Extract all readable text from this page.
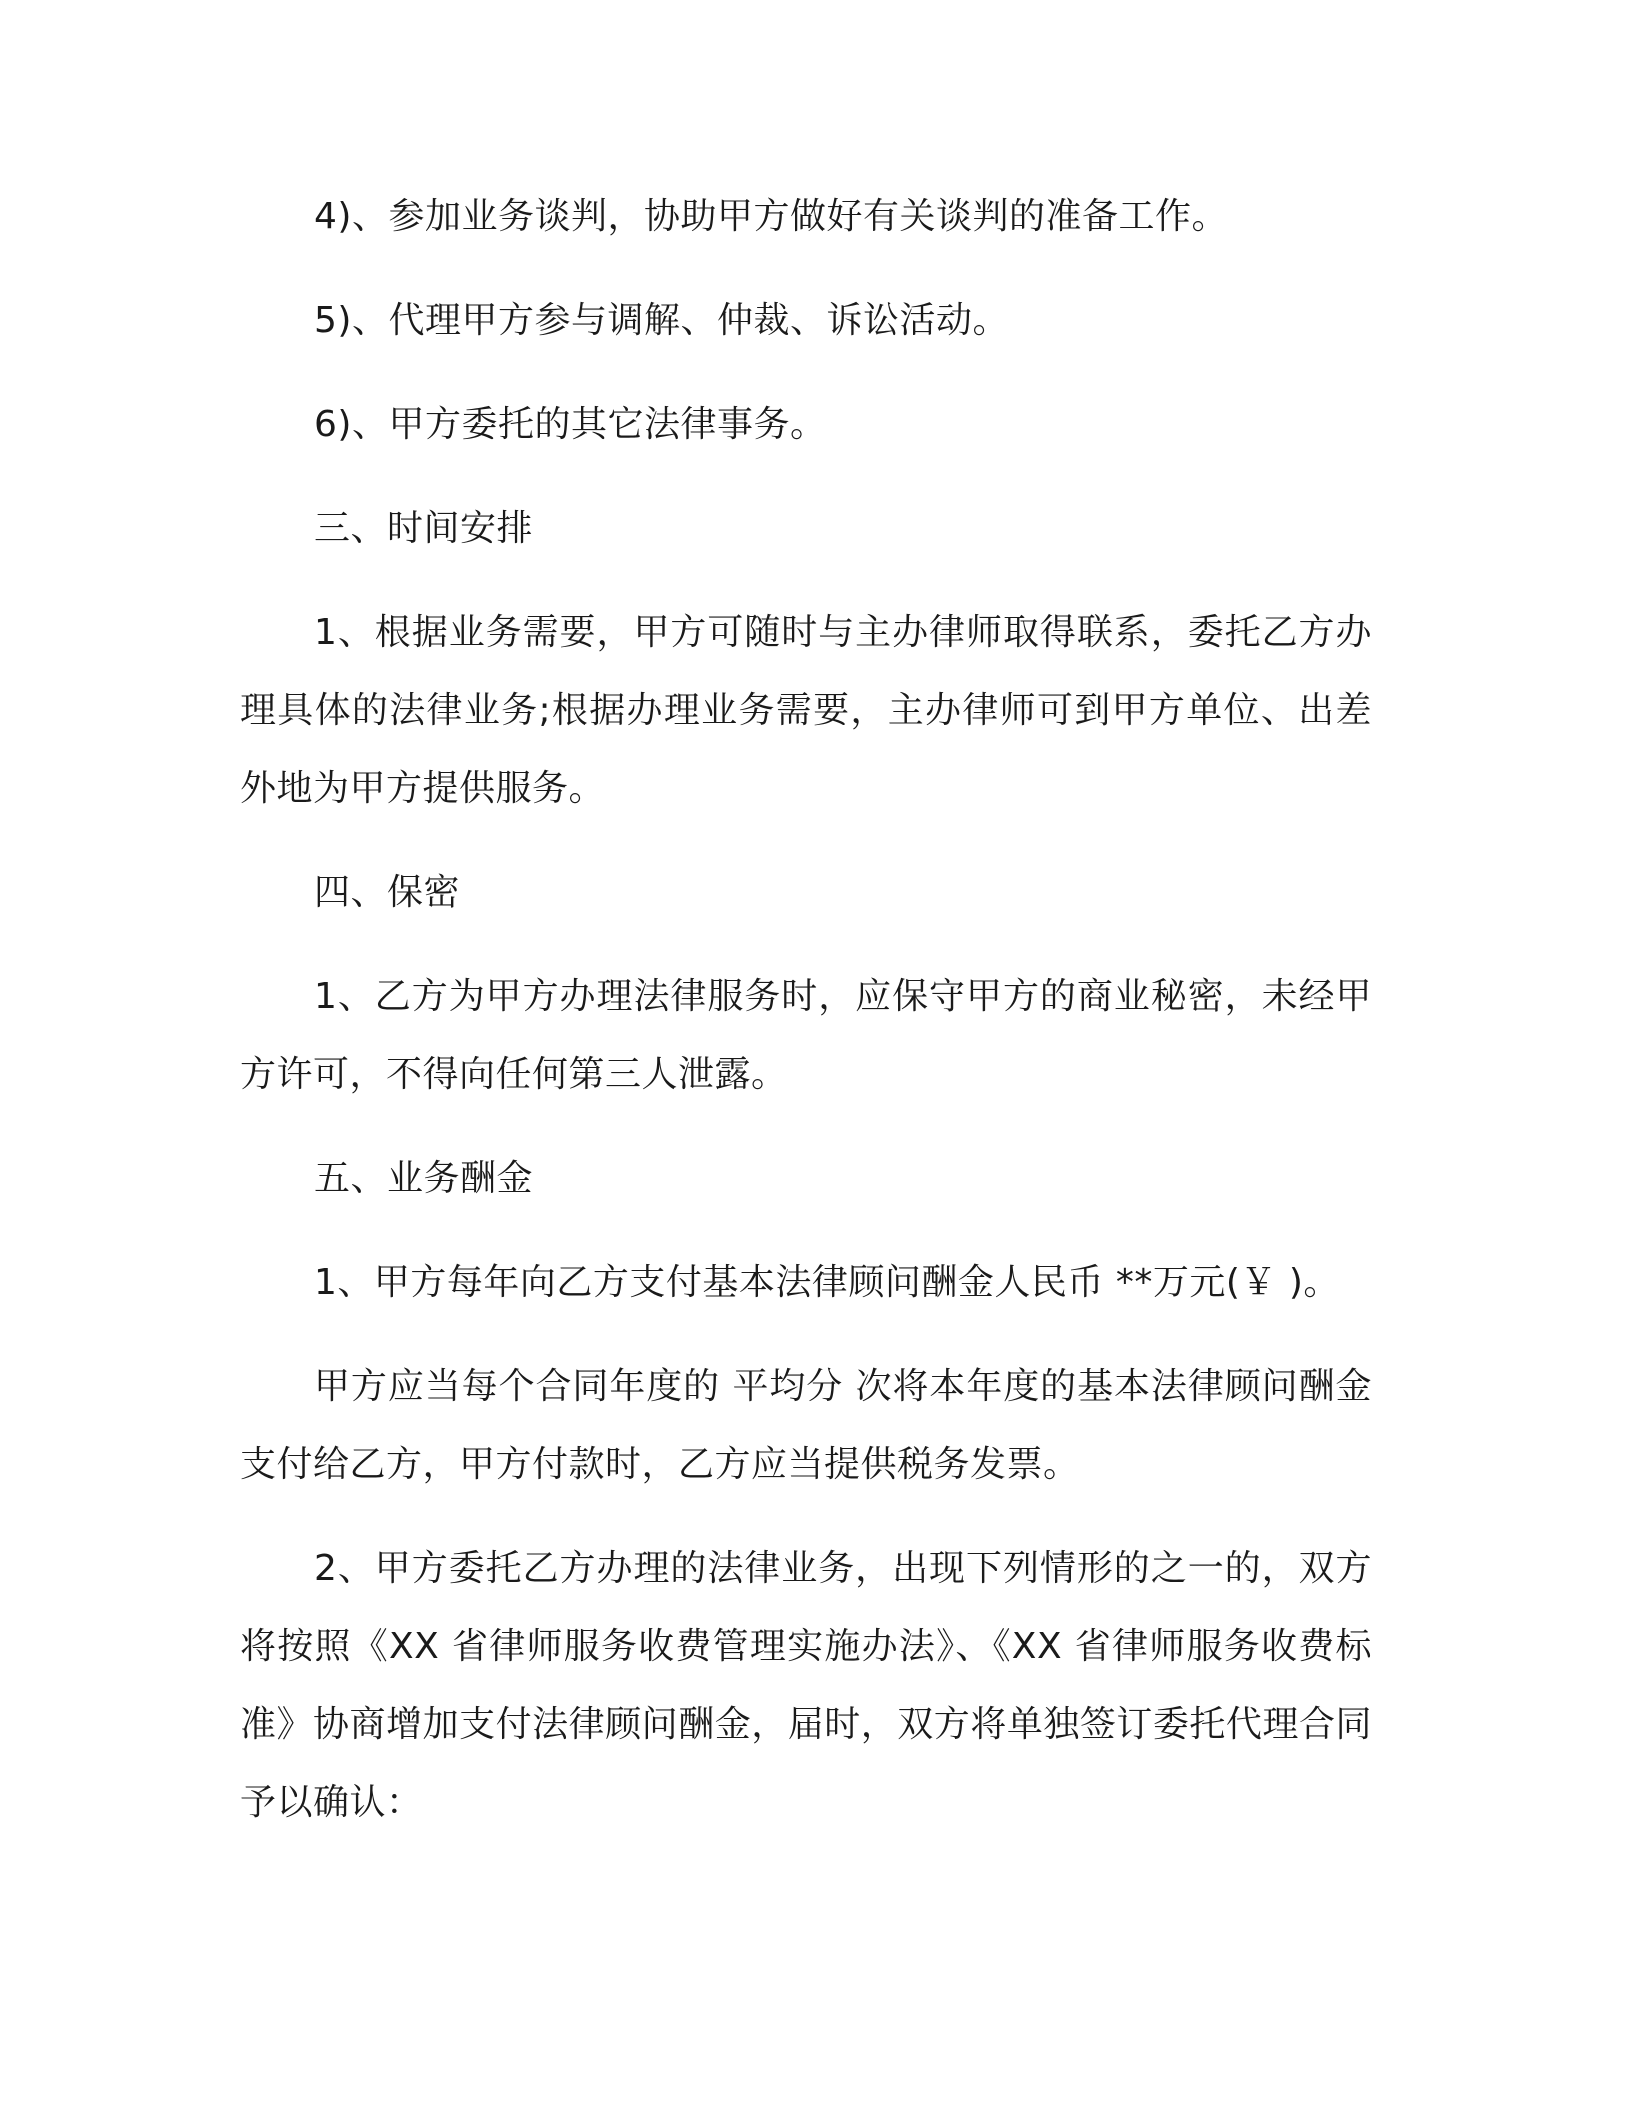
4)、参加业务谈判，协助甲方做好有关谈判的准备工作。

5)、代理甲方参与调解、仲裁、诉讼活动。

6)、甲方委托的其它法律事务。

三、时间安排

1、根据业务需要，甲方可随时与主办律师取得联系，委托乙方办理具体的法律业务;根据办理业务需要，主办律师可到甲方单位、出差外地为甲方提供服务。

四、保密

1、乙方为甲方办理法律服务时，应保守甲方的商业秘密，未经甲方许可，不得向任何第三人泄露。

五、业务酬金

1、甲方每年向乙方支付基本法律顾问酬金人民币 **万元(￥ )。

甲方应当每个合同年度的 平均分 次将本年度的基本法律顾问酬金支付给乙方，甲方付款时，乙方应当提供税务发票。

2、甲方委托乙方办理的法律业务，出现下列情形的之一的，双方将按照《XX 省律师服务收费管理实施办法》、《XX 省律师服务收费标准》协商增加支付法律顾问酬金，届时，双方将单独签订委托代理合同予以确认：
